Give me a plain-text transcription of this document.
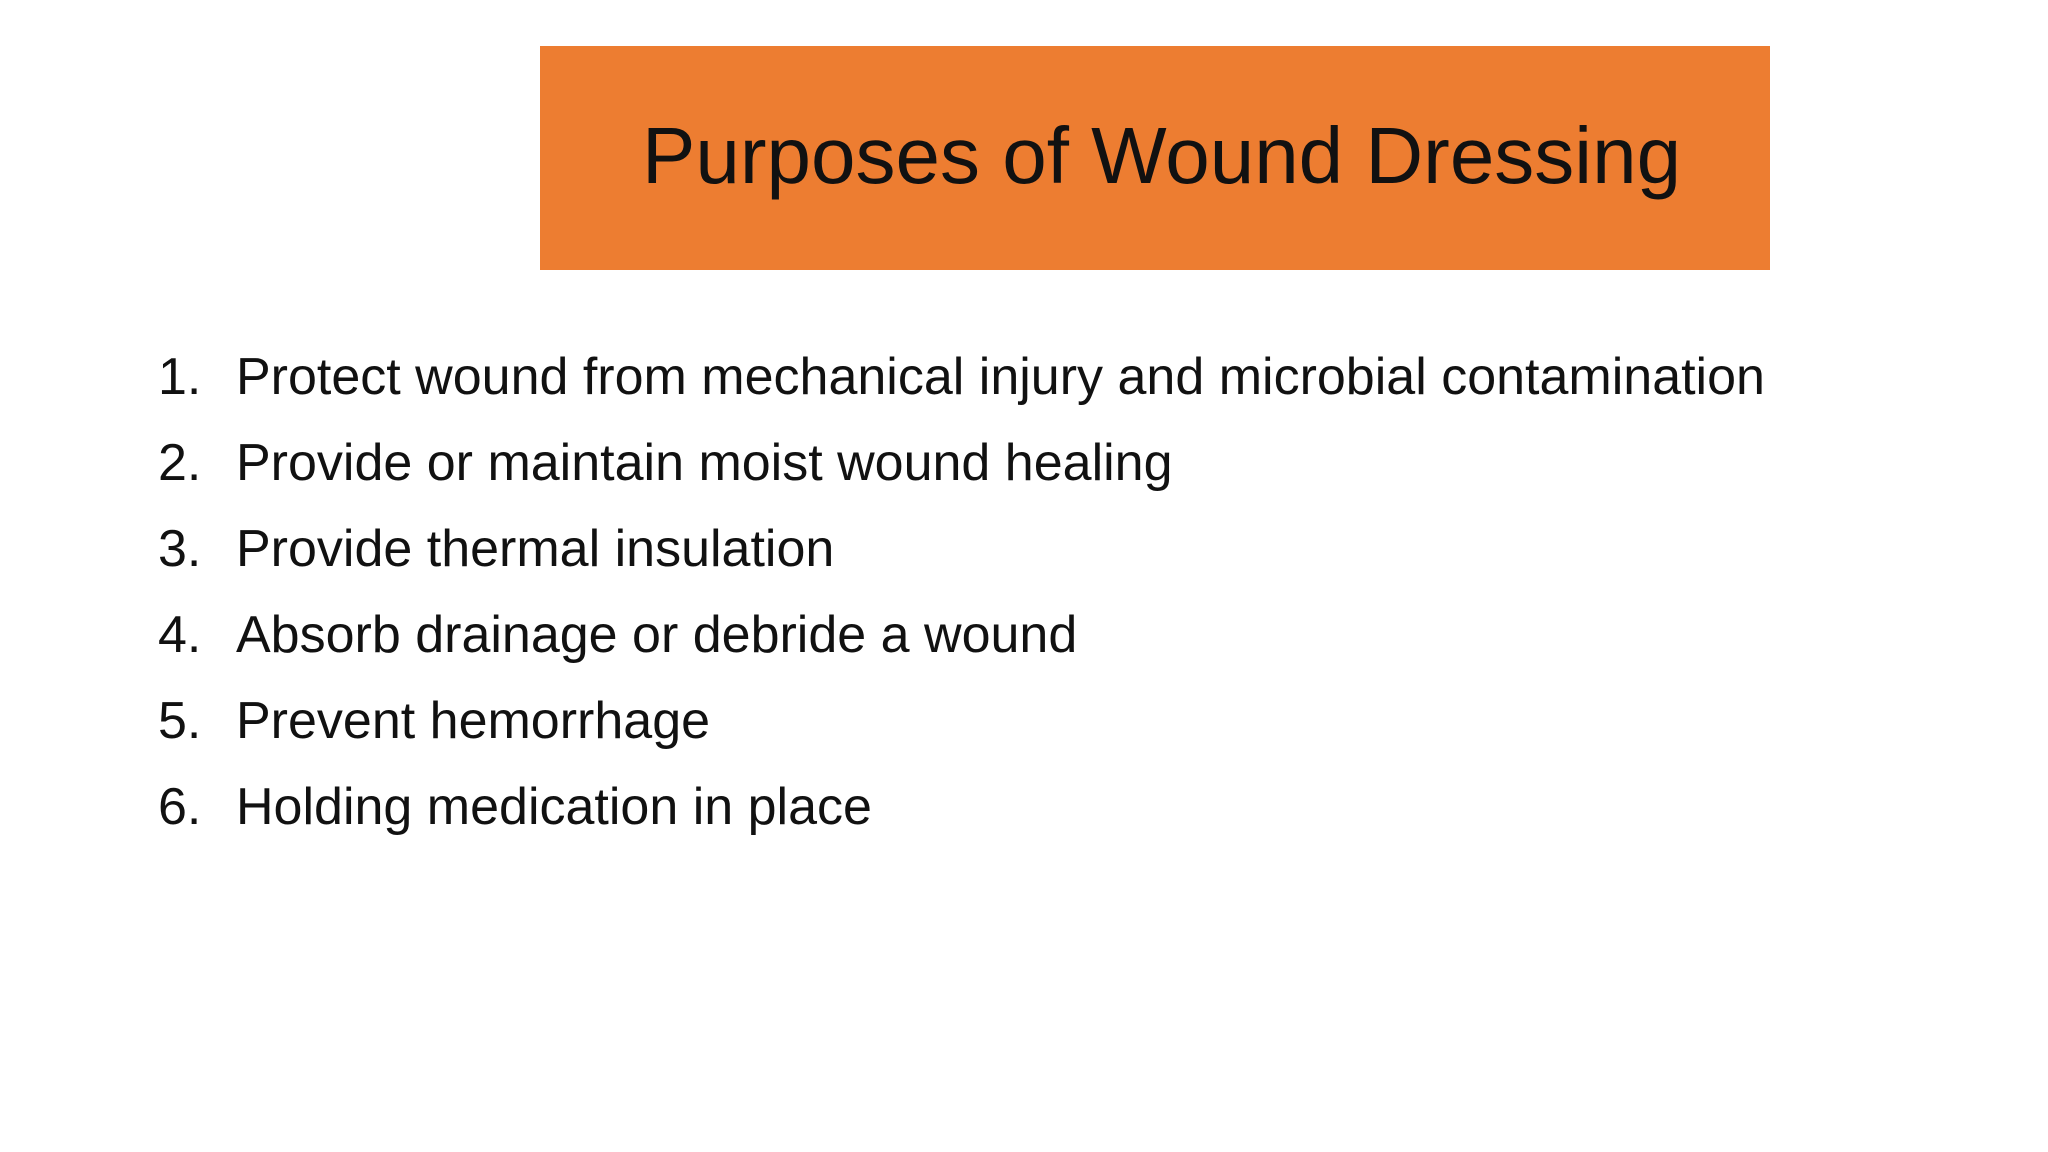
Purposes of Wound Dressing
1. Protect wound from mechanical injury and microbial contamination
2. Provide or maintain moist wound healing
3. Provide thermal insulation
4. Absorb drainage or debride a wound
5. Prevent hemorrhage
6. Holding medication in place
